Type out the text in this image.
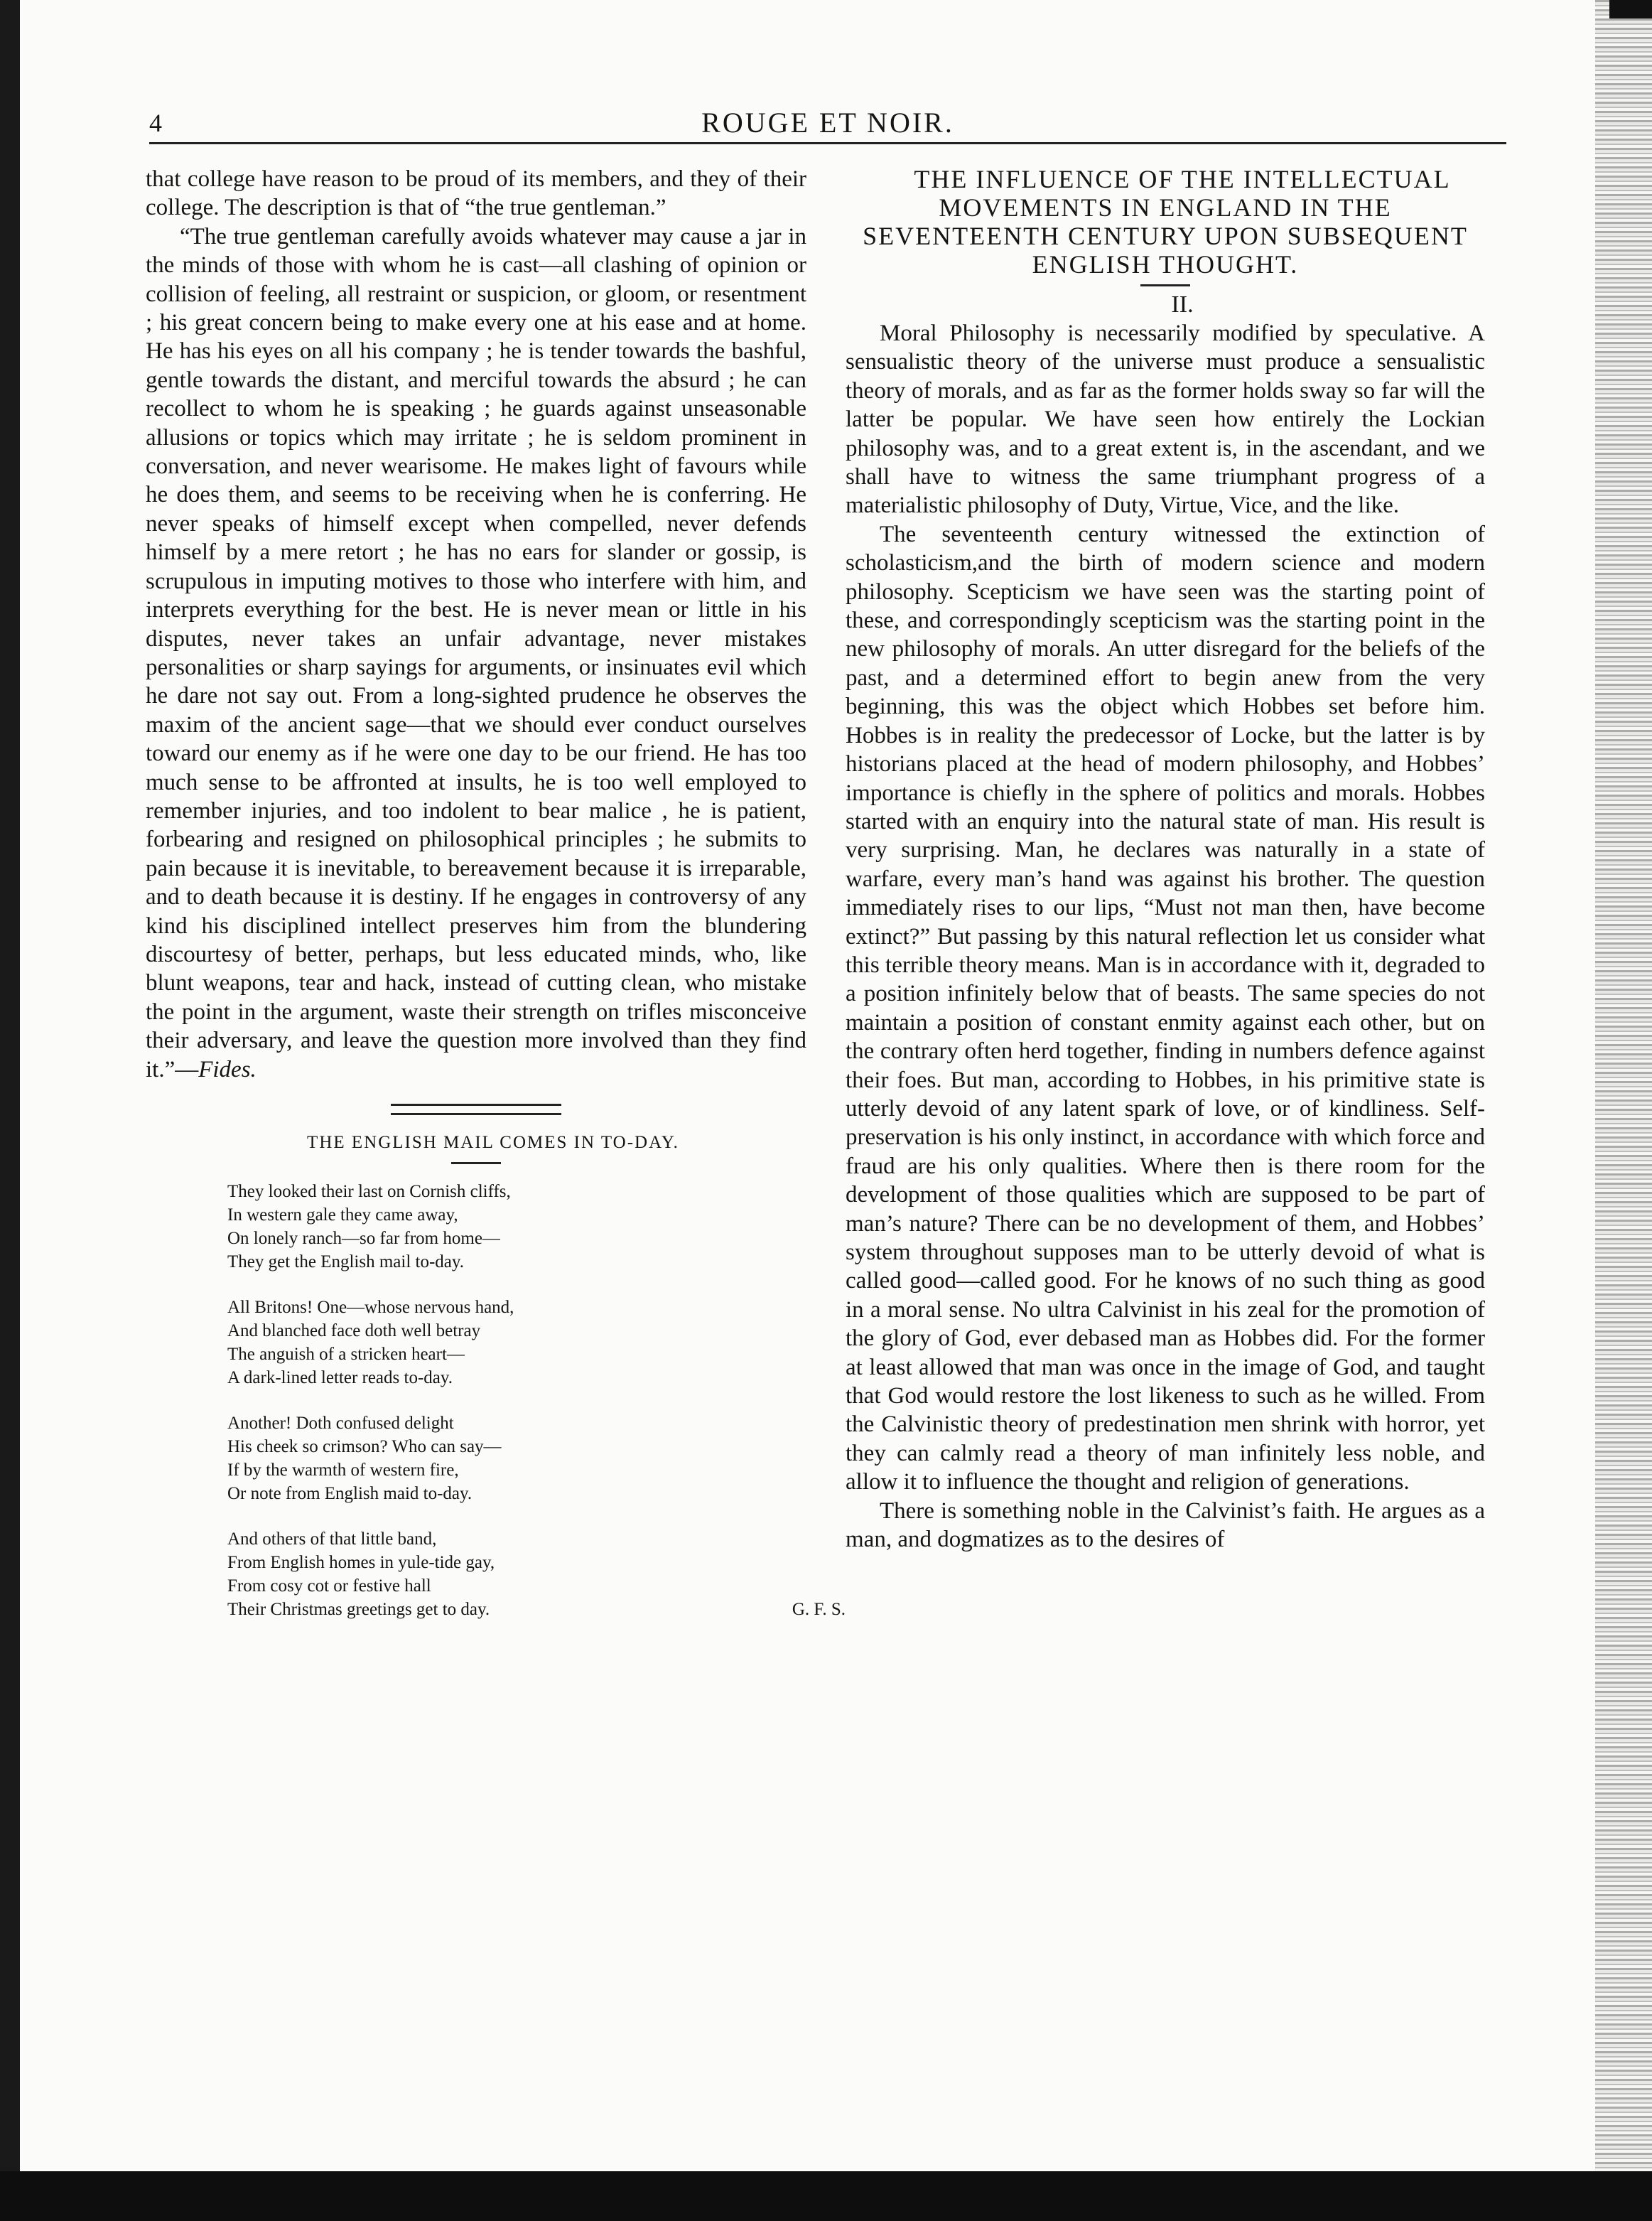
4	ROUGE ET NOIR.

that college have reason to be proud of its members, and they of their college. The description is that of “the true gentleman.”

“The true gentleman carefully avoids whatever may cause a jar in the minds of those with whom he is cast—all clashing of opinion or collision of feeling, all restraint or suspicion, or gloom, or resentment ; his great concern being to make every one at his ease and at home. He has his eyes on all his company ; he is tender towards the bashful, gentle towards the distant, and merciful towards the absurd ; he can recollect to whom he is speaking ; he guards against unseasonable allusions or topics which may irritate ; he is seldom prominent in conversation, and never wearisome. He makes light of favours while he does them, and seems to be receiving when he is conferring. He never speaks of himself except when compelled, never defends himself by a mere retort ; he has no ears for slander or gossip, is scrupulous in imputing motives to those who interfere with him, and interprets everything for the best. He is never mean or little in his disputes, never takes an unfair advantage, never mistakes personalities or sharp sayings for arguments, or insinuates evil which he dare not say out. From a long-sighted prudence he observes the maxim of the ancient sage—that we should ever conduct ourselves toward our enemy as if he were one day to be our friend. He has too much sense to be affronted at insults, he is too well employed to remember injuries, and too indolent to bear malice , he is patient, forbearing and resigned on philosophical principles ; he submits to pain because it is inevitable, to bereavement because it is irreparable, and to death because it is destiny. If he engages in controversy of any kind his disciplined intellect preserves him from the blundering discourtesy of better, perhaps, but less educated minds, who, like blunt weapons, tear and hack, instead of cutting clean, who mistake the point in the argument, waste their strength on trifles misconceive their adversary, and leave the question more involved than they find it.”—Fides.

THE ENGLISH MAIL COMES IN TO-DAY.

They looked their last on Cornish cliffs,
In western gale they came away,
On lonely ranch—so far from home—
They get the English mail to-day.
All Britons! One—whose nervous hand,
And blanched face doth well betray
The anguish of a stricken heart—
A dark-lined letter reads to-day.
Another! Doth confused delight
His cheek so crimson? Who can say—
If by the warmth of western fire,
Or note from English maid to-day.
And others of that little band,
From English homes in yule-tide gay,
From cosy cot or festive hall
Their Christmas greetings get to day.	G. F. S.

THE INFLUENCE OF THE INTELLECTUAL MOVEMENTS IN ENGLAND IN THE SEVENTEENTH CENTURY UPON SUBSEQUENT ENGLISH THOUGHT.

II.

Moral Philosophy is necessarily modified by speculative. A sensualistic theory of the universe must produce a sensualistic theory of morals, and as far as the former holds sway so far will the latter be popular. We have seen how entirely the Lockian philosophy was, and to a great extent is, in the ascendant, and we shall have to witness the same triumphant progress of a materialistic philosophy of Duty, Virtue, Vice, and the like.

The seventeenth century witnessed the extinction of scholasticism,and the birth of modern science and modern philosophy. Scepticism we have seen was the starting point of these, and correspondingly scepticism was the starting point in the new philosophy of morals. An utter disregard for the beliefs of the past, and a determined effort to begin anew from the very beginning, this was the object which Hobbes set before him. Hobbes is in reality the predecessor of Locke, but the latter is by historians placed at the head of modern philosophy, and Hobbes’ importance is chiefly in the sphere of politics and morals. Hobbes started with an enquiry into the natural state of man. His result is very surprising. Man, he declares was naturally in a state of warfare, every man’s hand was against his brother. The question immediately rises to our lips, “Must not man then, have become extinct?” But passing by this natural reflection let us consider what this terrible theory means. Man is in accordance with it, degraded to a position infinitely below that of beasts. The same species do not maintain a position of constant enmity against each other, but on the contrary often herd together, finding in numbers defence against their foes. But man, according to Hobbes, in his primitive state is utterly devoid of any latent spark of love, or of kindliness. Self-preservation is his only instinct, in accordance with which force and fraud are his only qualities. Where then is there room for the development of those qualities which are supposed to be part of man’s nature? There can be no development of them, and Hobbes’ system throughout supposes man to be utterly devoid of what is called good—called good. For he knows of no such thing as good in a moral sense. No ultra Calvinist in his zeal for the promotion of the glory of God, ever debased man as Hobbes did. For the former at least allowed that man was once in the image of God, and taught that God would restore the lost likeness to such as he willed. From the Calvinistic theory of predestination men shrink with horror, yet they can calmly read a theory of man infinitely less noble, and allow it to influence the thought and religion of generations.

There is something noble in the Calvinist’s faith. He argues as a man, and dogmatizes as to the desires of
